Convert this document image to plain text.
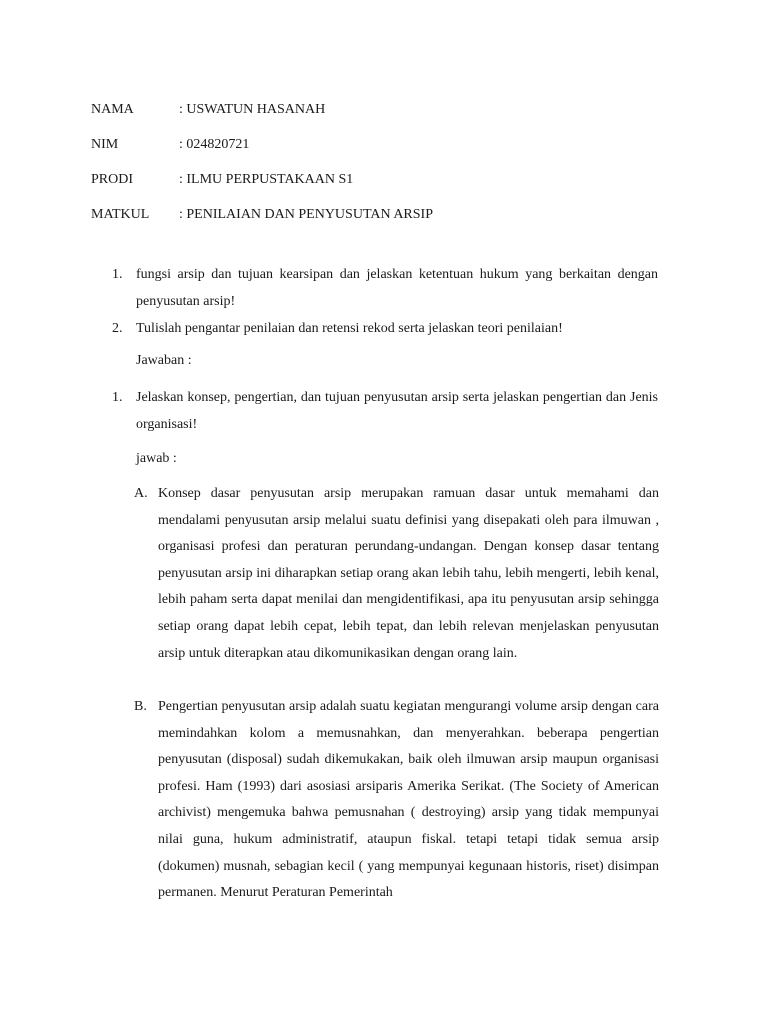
NAMA	: USWATUN HASANAH
NIM	: 024820721
PRODI	: ILMU PERPUSTAKAAN S1
MATKUL : PENILAIAN DAN PENYUSUTAN ARSIP
1. fungsi arsip dan tujuan kearsipan dan jelaskan ketentuan hukum yang berkaitan dengan penyusutan arsip!
2. Tulislah pengantar penilaian dan retensi rekod serta jelaskan teori penilaian!
Jawaban :
1. Jelaskan konsep, pengertian, dan tujuan penyusutan arsip serta jelaskan pengertian dan Jenis organisasi!
jawab :
A. Konsep dasar penyusutan arsip merupakan ramuan dasar untuk memahami dan mendalami penyusutan arsip melalui suatu definisi yang disepakati oleh para ilmuwan , organisasi profesi dan peraturan perundang-undangan. Dengan konsep dasar tentang penyusutan arsip ini diharapkan setiap orang akan lebih tahu, lebih mengerti, lebih kenal, lebih paham serta dapat menilai dan mengidentifikasi, apa itu penyusutan arsip sehingga setiap orang dapat lebih cepat, lebih tepat, dan lebih relevan menjelaskan penyusutan arsip untuk diterapkan atau dikomunikasikan dengan orang lain.
B. Pengertian penyusutan arsip adalah suatu kegiatan mengurangi volume arsip dengan cara memindahkan kolom a memusnahkan, dan menyerahkan. beberapa pengertian penyusutan (disposal) sudah dikemukakan, baik oleh ilmuwan arsip maupun organisasi profesi. Ham (1993) dari asosiasi arsiparis Amerika Serikat. (The Society of American archivist) mengemuka bahwa pemusnahan ( destroying) arsip yang tidak mempunyai nilai guna, hukum administratif, ataupun fiskal. tetapi tetapi tidak semua arsip (dokumen) musnah, sebagian kecil ( yang mempunyai kegunaan historis, riset) disimpan permanen. Menurut Peraturan Pemerintah
